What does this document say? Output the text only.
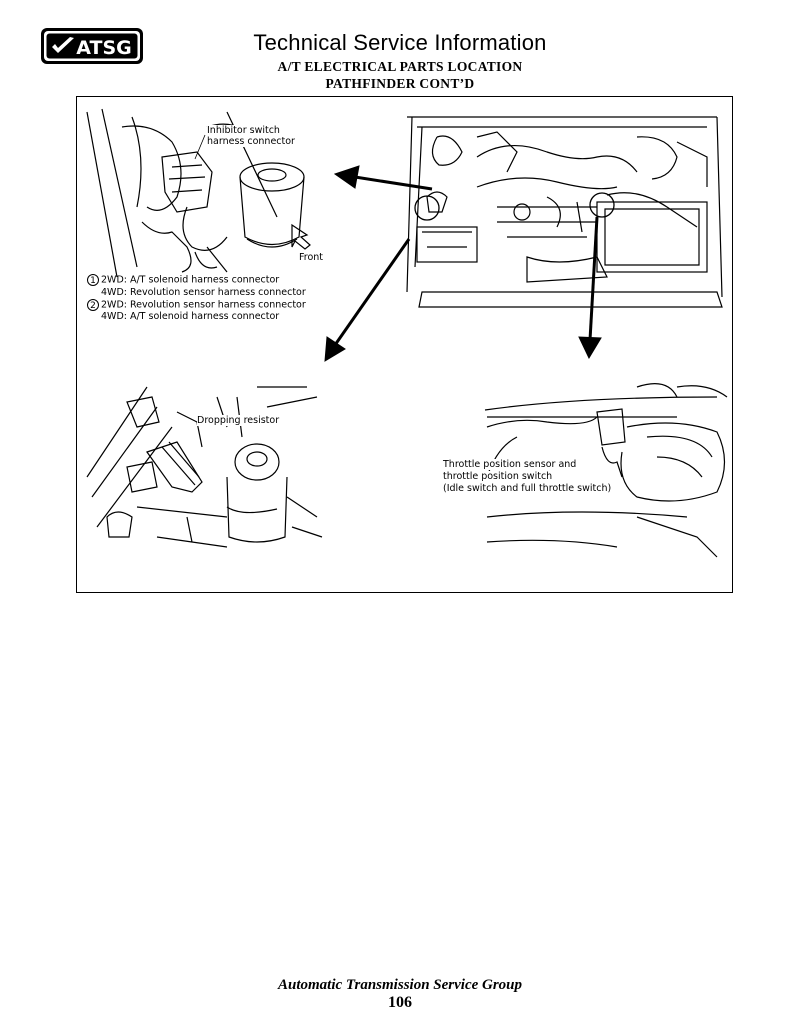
ATSG	Technical Service Information
A/T ELECTRICAL PARTS LOCATION
PATHFINDER CONT’D
Inhibitor switch
harness connector
Front
1 2WD: A/T solenoid harness connector
4WD: Revolution sensor harness connector
2 2WD: Revolution sensor harness connector
4WD: A/T solenoid harness connector
Dropping resistor
Throttle position sensor and
throttle position switch
(Idle switch and full throttle switch)
Automatic Transmission Service Group
106
